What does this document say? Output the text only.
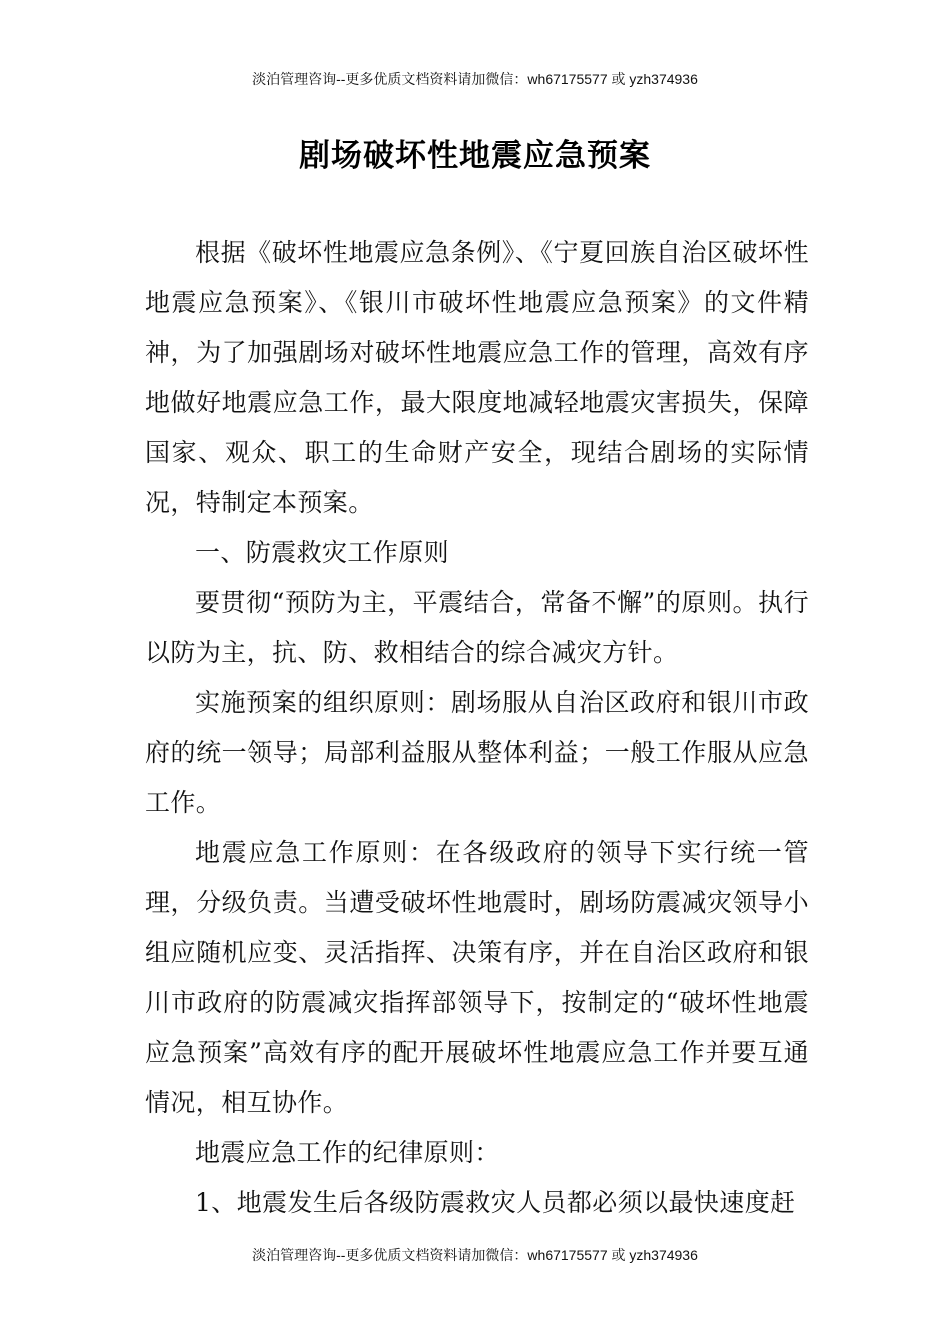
淡泊管理咨询--更多优质文档资料请加微信：wh67175577 或 yzh374936
剧场破坏性地震应急预案

根据《破坏性地震应急条例》、《宁夏回族自治区破坏性地震应急预案》、《银川市破坏性地震应急预案》的文件精神，为了加强剧场对破坏性地震应急工作的管理，高效有序地做好地震应急工作，最大限度地减轻地震灾害损失，保障国家、观众、职工的生命财产安全，现结合剧场的实际情况，特制定本预案。

一、防震救灾工作原则

要贯彻“预防为主，平震结合，常备不懈”的原则。执行以防为主，抗、防、救相结合的综合减灾方针。

实施预案的组织原则：剧场服从自治区政府和银川市政府的统一领导；局部利益服从整体利益；一般工作服从应急工作。

地震应急工作原则：在各级政府的领导下实行统一管理，分级负责。当遭受破坏性地震时，剧场防震减灾领导小组应随机应变、灵活指挥、决策有序，并在自治区政府和银川市政府的防震减灾指挥部领导下，按制定的“破坏性地震应急预案”高效有序的配开展破坏性地震应急工作并要互通情况，相互协作。

地震应急工作的纪律原则：

1、地震发生后各级防震救灾人员都必须以最快速度赶

淡泊管理咨询--更多优质文档资料请加微信：wh67175577 或 yzh374936
